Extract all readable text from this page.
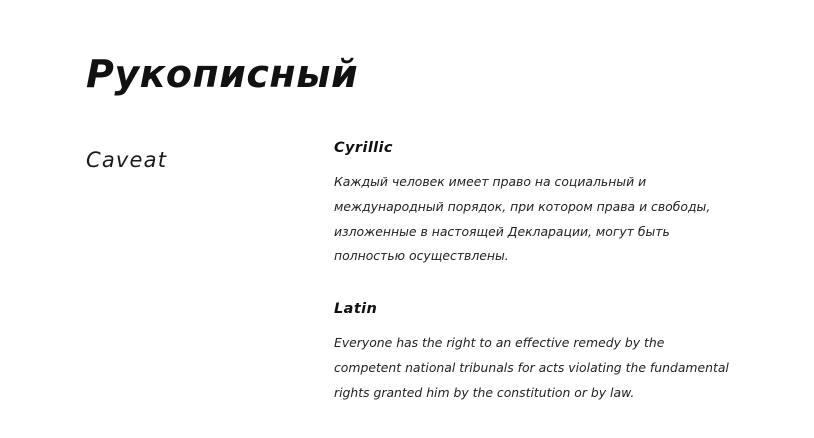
Рукописный
Caveat	Cyrillic

Каждый человек имеет право на социальный и международный порядок, при котором права и свободы, изложенные в настоящей Декларации, могут быть полностью осуществлены.

Latin

Everyone has the right to an effective remedy by the competent national tribunals for acts violating the fundamental rights granted him by the constitution or by law.
